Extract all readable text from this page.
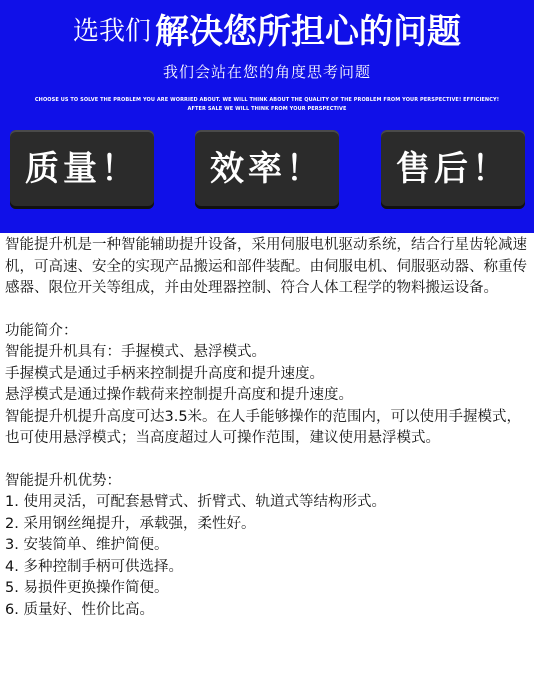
选我们 解决您所担心的问题
我们会站在您的角度思考问题
CHOOSE US TO SOLVE THE PROBLEM YOU ARE WORRIED ABOUT. WE WILL THINK ABOUT THE QUALITY OF THE PROBLEM FROM YOUR PERSPECTIVE! EFFICIENCY! AFTER SALE WE WILL THINK FROM YOUR PERSPECTIVE
质量！	效率！	售后！

智能提升机是一种智能辅助提升设备，采用伺服电机驱动系统，结合行星齿轮减速机，可高速、安全的实现产品搬运和部件装配。由伺服电机、伺服驱动器、称重传感器、限位开关等组成，并由处理器控制、符合人体工程学的物料搬运设备。

功能简介：

智能提升机具有：手握模式、悬浮模式。

手握模式是通过手柄来控制提升高度和提升速度。

悬浮模式是通过操作载荷来控制提升高度和提升速度。

智能提升机提升高度可达3.5米。在人手能够操作的范围内，可以使用手握模式，也可使用悬浮模式；当高度超过人可操作范围，建议使用悬浮模式。

智能提升机优势：

1. 使用灵活，可配套悬臂式、折臂式、轨道式等结构形式。
2. 采用钢丝绳提升，承载强，柔性好。
3. 安装简单、维护简便。
4. 多种控制手柄可供选择。
5. 易损件更换操作简便。
6. 质量好、性价比高。
